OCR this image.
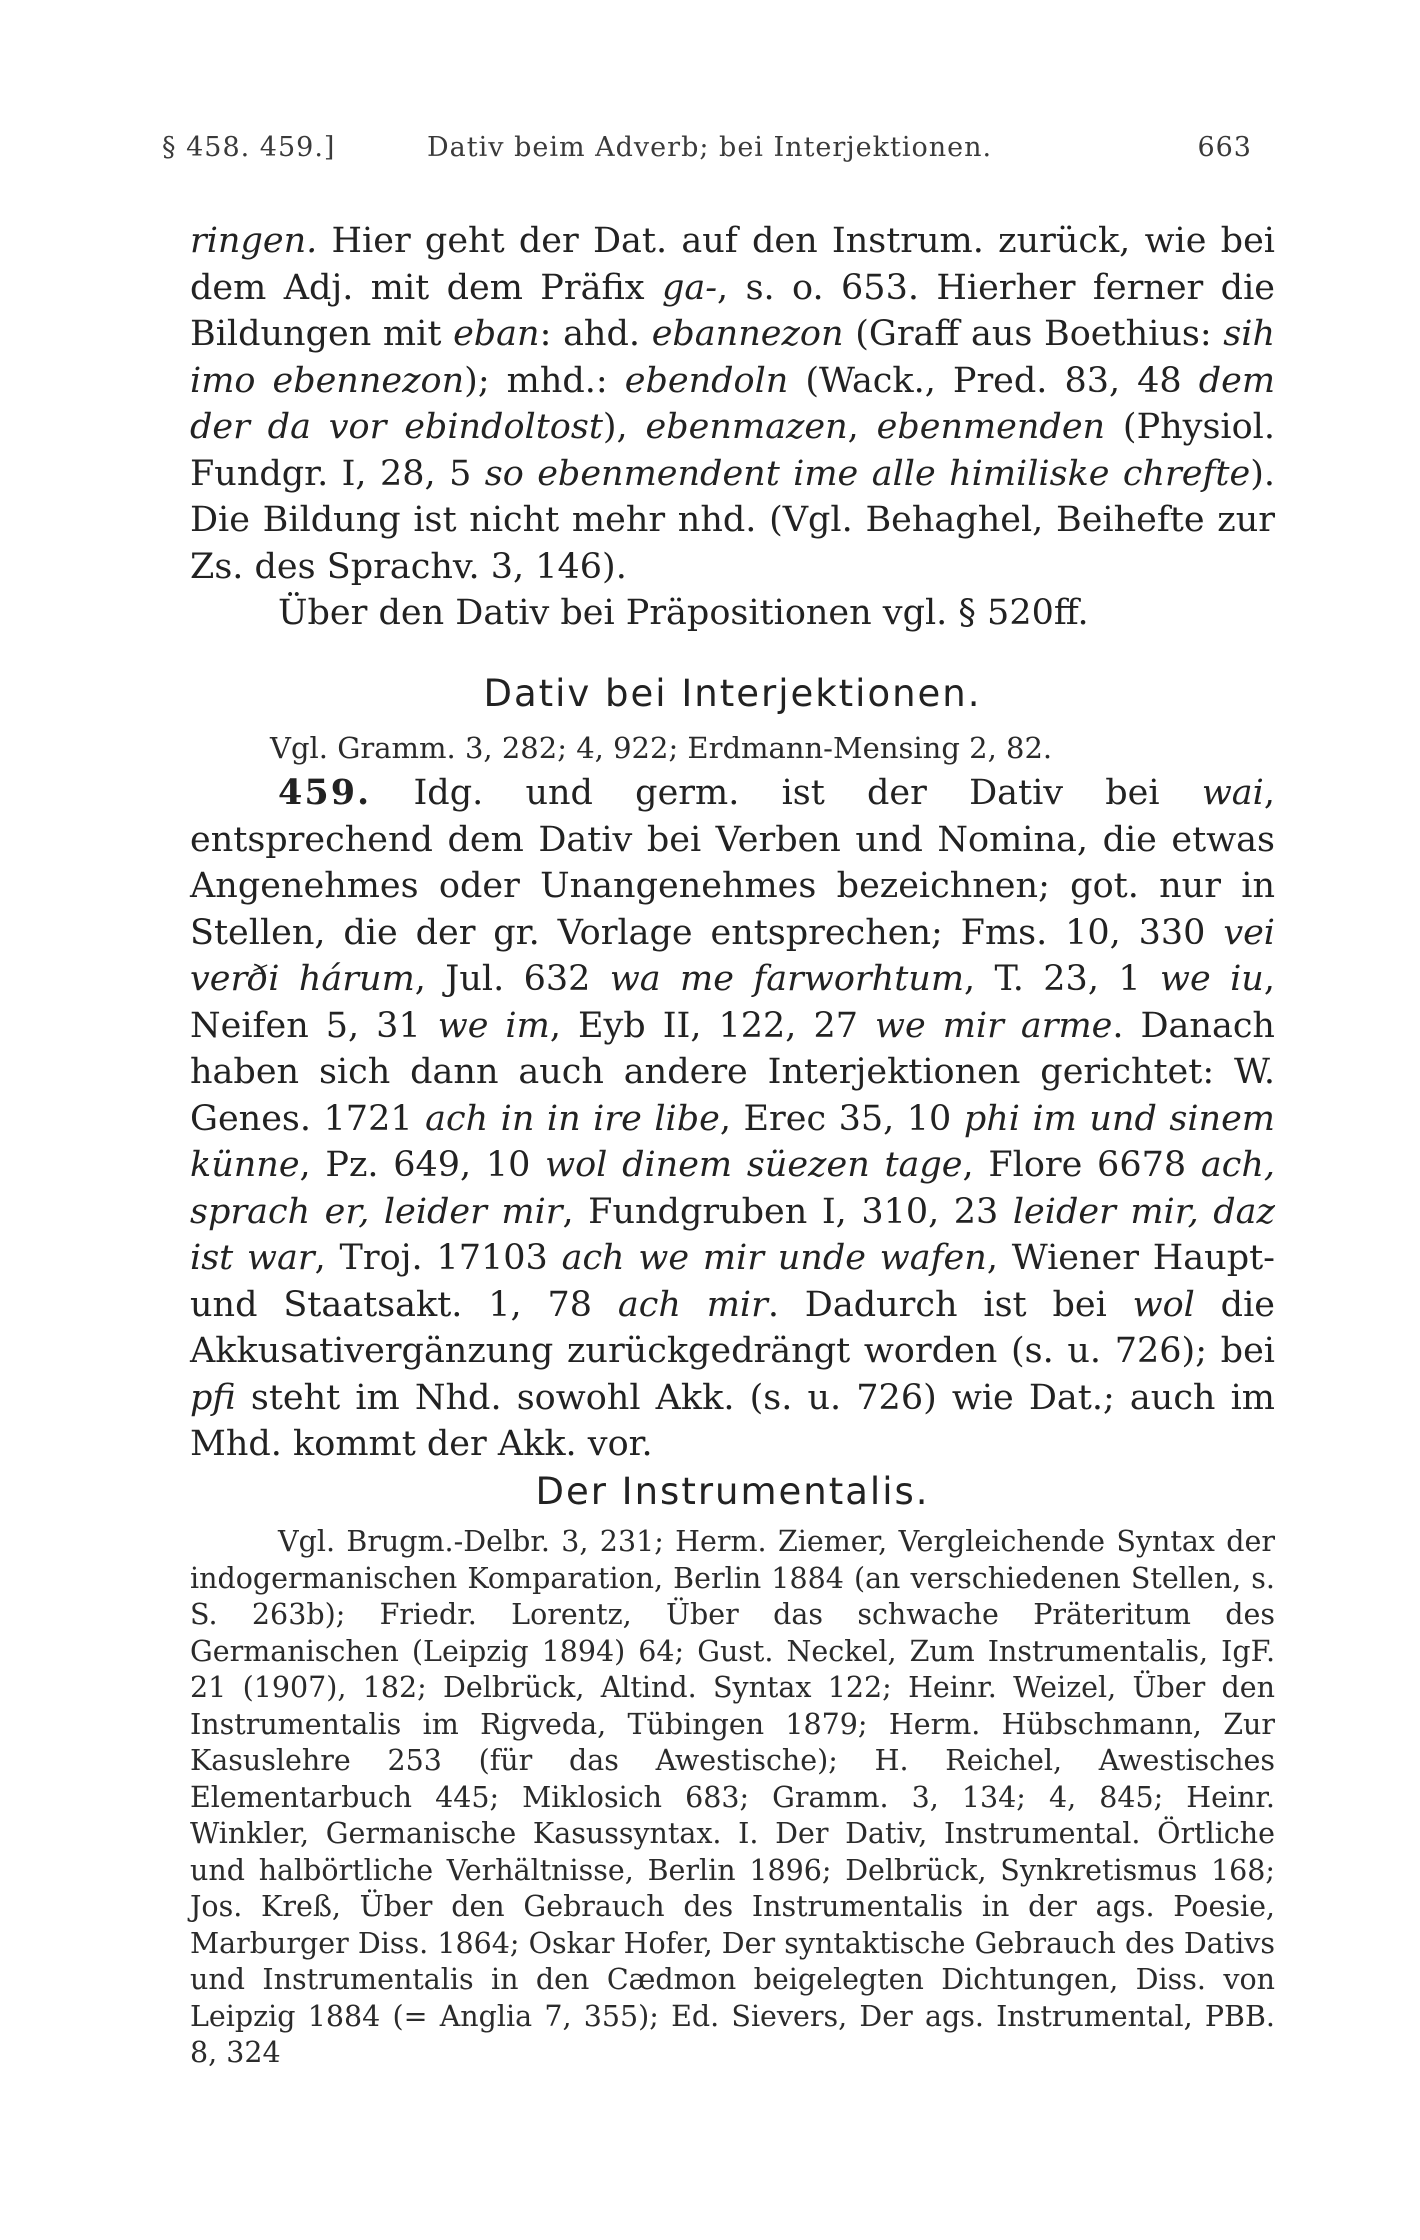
§ 458. 459.]	Dativ beim Adverb; bei Interjektionen.	663
ringen. Hier geht der Dat. auf den Instrum. zurück, wie bei dem Adj. mit dem Präfix ga-, s. o. 653. Hierher ferner die Bildungen mit eban: ahd. ebannezon (Graff aus Boethius: sih imo ebennezon); mhd.: ebendoln (Wack., Pred. 83, 48 dem der da vor ebindoltost), ebenmazen, ebenmenden (Physiol. Fundgr. I, 28, 5 so ebenmendent ime alle himiliske chrefte). Die Bildung ist nicht mehr nhd. (Vgl. Behaghel, Beihefte zur Zs. des Sprachv. 3, 146).
Über den Dativ bei Präpositionen vgl. § 520ff.
Dativ bei Interjektionen.
Vgl. Gramm. 3, 282; 4, 922; Erdmann-Mensing 2, 82.
459. Idg. und germ. ist der Dativ bei wai, entsprechend dem Dativ bei Verben und Nomina, die etwas Angenehmes oder Unangenehmes bezeichnen; got. nur in Stellen, die der gr. Vorlage entsprechen; Fms. 10, 330 vei verði hárum, Jul. 632 wa me farworhtum, T. 23, 1 we iu, Neifen 5, 31 we im, Eyb II, 122, 27 we mir arme. Danach haben sich dann auch andere Interjektionen gerichtet: W. Genes. 1721 ach in in ire libe, Erec 35, 10 phi im und sinem künne, Pz. 649, 10 wol dinem süezen tage, Flore 6678 ach, sprach er, leider mir, Fundgruben I, 310, 23 leider mir, daz ist war, Troj. 17103 ach we mir unde wafen, Wiener Haupt- und Staatsakt. 1, 78 ach mir. Dadurch ist bei wol die Akkusativergänzung zurückgedrängt worden (s. u. 726); bei pfi steht im Nhd. sowohl Akk. (s. u. 726) wie Dat.; auch im Mhd. kommt der Akk. vor.
Der Instrumentalis.
Vgl. Brugm.-Delbr. 3, 231; Herm. Ziemer, Vergleichende Syntax der indogermanischen Komparation, Berlin 1884 (an verschiedenen Stellen, s. S. 263b); Friedr. Lorentz, Über das schwache Präteritum des Germanischen (Leipzig 1894) 64; Gust. Neckel, Zum Instrumentalis, IgF. 21 (1907), 182; Delbrück, Altind. Syntax 122; Heinr. Weizel, Über den Instrumentalis im Rigveda, Tübingen 1879; Herm. Hübschmann, Zur Kasuslehre 253 (für das Awestische); H. Reichel, Awestisches Elementarbuch 445; Miklosich 683; Gramm. 3, 134; 4, 845; Heinr. Winkler, Germanische Kasussyntax. I. Der Dativ, Instrumental. Örtliche und halbörtliche Verhältnisse, Berlin 1896; Delbrück, Synkretismus 168; Jos. Kreß, Über den Gebrauch des Instrumentalis in der ags. Poesie, Marburger Diss. 1864; Oskar Hofer, Der syntaktische Gebrauch des Dativs und Instrumentalis in den Cædmon beigelegten Dichtungen, Diss. von Leipzig 1884 (= Anglia 7, 355); Ed. Sievers, Der ags. Instrumental, PBB. 8, 324
